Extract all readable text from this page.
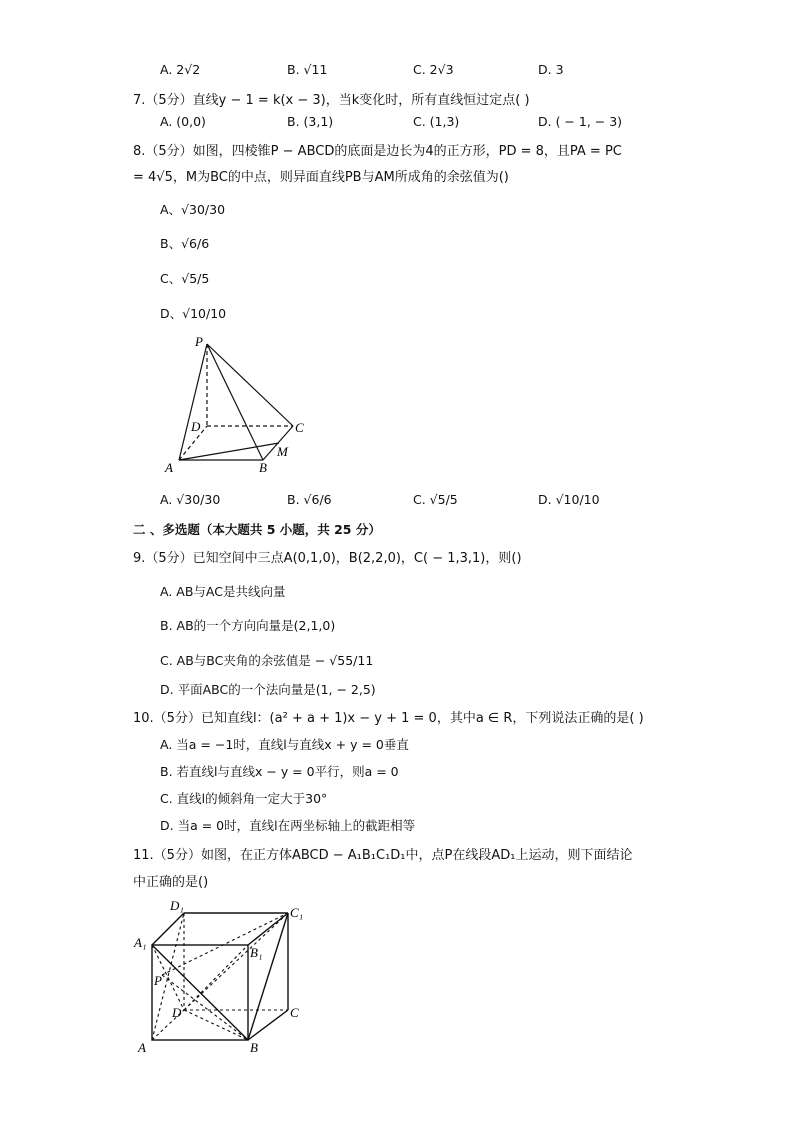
A. 2√2	B. √11	C. 2√3	D. 3
7.（5分）直线y − 1 = k(x − 3)，当k变化时，所有直线恒过定点( )
A. (0,0)	B. (3,1)	C. (1,3)	D. ( − 1, − 3)
8.（5分）如图，四棱锥P − ABCD的底面是边长为4的正方形，PD = 8，且PA = PC
= 4√5，M为BC的中点，则异面直线PB与AM所成角的余弦值为()
A、√30/30
B、√6/6
C、√5/5
D、√10/10
P
D	C
A	B
M
A. √30/30	B. √6/6	C. √5/5	D. √10/10
二 、多选题（本大题共 5 小题，共 25 分）
9.（5分）已知空间中三点A(0,1,0)，B(2,2,0)，C( − 1,3,1)，则()
A. AB与AC是共线向量
B. AB的一个方向向量是(2,1,0)
C. AB与BC夹角的余弦值是 − √55/11
D. 平面ABC的一个法向量是(1, − 2,5)
10.（5分）已知直线l：(a² + a + 1)x − y + 1 = 0，其中a ∈ R，下列说法正确的是( )
A. 当a = −1时，直线l与直线x + y = 0垂直
B. 若直线l与直线x − y = 0平行，则a = 0
C. 直线l的倾斜角一定大于30°
D. 当a = 0时，直线l在两坐标轴上的截距相等
11.（5分）如图，在正方体ABCD − A₁B₁C₁D₁中，点P在线段AD₁上运动，则下面结论
中正确的是()
D₁	C₁
A₁
B₁
P
D	C
A	B
